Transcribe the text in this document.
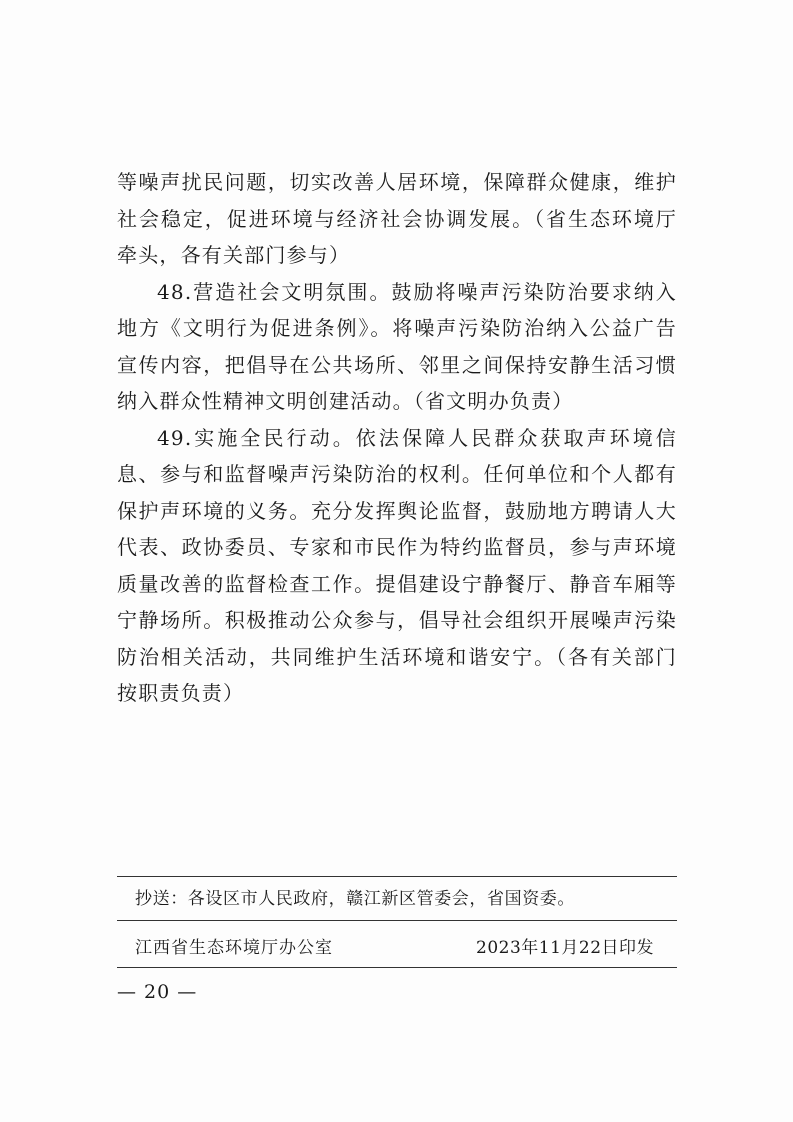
等噪声扰民问题，切实改善人居环境，保障群众健康，维护社会稳定，促进环境与经济社会协调发展。（省生态环境厅牵头，各有关部门参与）

48.营造社会文明氛围。鼓励将噪声污染防治要求纳入地方《文明行为促进条例》。将噪声污染防治纳入公益广告宣传内容，把倡导在公共场所、邻里之间保持安静生活习惯纳入群众性精神文明创建活动。（省文明办负责）

49.实施全民行动。依法保障人民群众获取声环境信息、参与和监督噪声污染防治的权利。任何单位和个人都有保护声环境的义务。充分发挥舆论监督，鼓励地方聘请人大代表、政协委员、专家和市民作为特约监督员，参与声环境质量改善的监督检查工作。提倡建设宁静餐厅、静音车厢等宁静场所。积极推动公众参与，倡导社会组织开展噪声污染防治相关活动，共同维护生活环境和谐安宁。（各有关部门按职责负责）

抄送：各设区市人民政府，赣江新区管委会，省国资委。
江西省生态环境厅办公室	2023年11月22日印发
— 20 —
